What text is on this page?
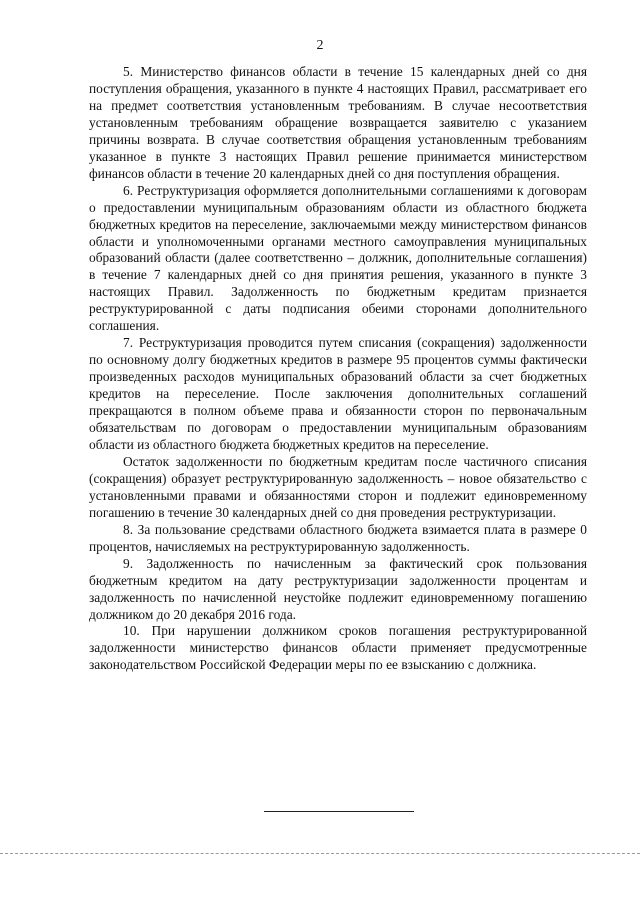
2

5. Министерство финансов области в течение 15 календарных дней со дня поступления обращения, указанного в пункте 4 настоящих Правил, рассматривает его на предмет соответствия установленным требованиям. В случае несоответствия установленным требованиям обращение возвращается заявителю с указанием причины возврата. В случае соответствия обращения установленным требованиям указанное в пункте 3 настоящих Правил решение принимается министерством финансов области в течение 20 календарных дней со дня поступления обращения.

6. Реструктуризация оформляется дополнительными соглашениями к договорам о предоставлении муниципальным образованиям области из областного бюджета бюджетных кредитов на переселение, заключаемыми между министерством финансов области и уполномоченными органами местного самоуправления муниципальных образований области (далее соответственно – должник, дополнительные соглашения) в течение 7 календарных дней со дня принятия решения, указанного в пункте 3 настоящих Правил. Задолженность по бюджетным кредитам признается реструктурированной с даты подписания обеими сторонами дополнительного соглашения.

7. Реструктуризация проводится путем списания (сокращения) задолженности по основному долгу бюджетных кредитов в размере 95 процентов суммы фактически произведенных расходов муниципальных образований области за счет бюджетных кредитов на переселение. После заключения дополнительных соглашений прекращаются в полном объеме права и обязанности сторон по первоначальным обязательствам по договорам о предоставлении муниципальным образованиям области из областного бюджета бюджетных кредитов на переселение.

Остаток задолженности по бюджетным кредитам после частичного списания (сокращения) образует реструктурированную задолженность – новое обязательство с установленными правами и обязанностями сторон и подлежит единовременному погашению в течение 30 календарных дней со дня проведения реструктуризации.

8. За пользование средствами областного бюджета взимается плата в размере 0 процентов, начисляемых на реструктурированную задолженность.

9. Задолженность по начисленным за фактический срок пользования бюджетным кредитом на дату реструктуризации задолженности процентам и задолженность по начисленной неустойке подлежит единовременному погашению должником до 20 декабря 2016 года.

10. При нарушении должником сроков погашения реструктурированной задолженности министерство финансов области применяет предусмотренные законодательством Российской Федерации меры по ее взысканию с должника.
